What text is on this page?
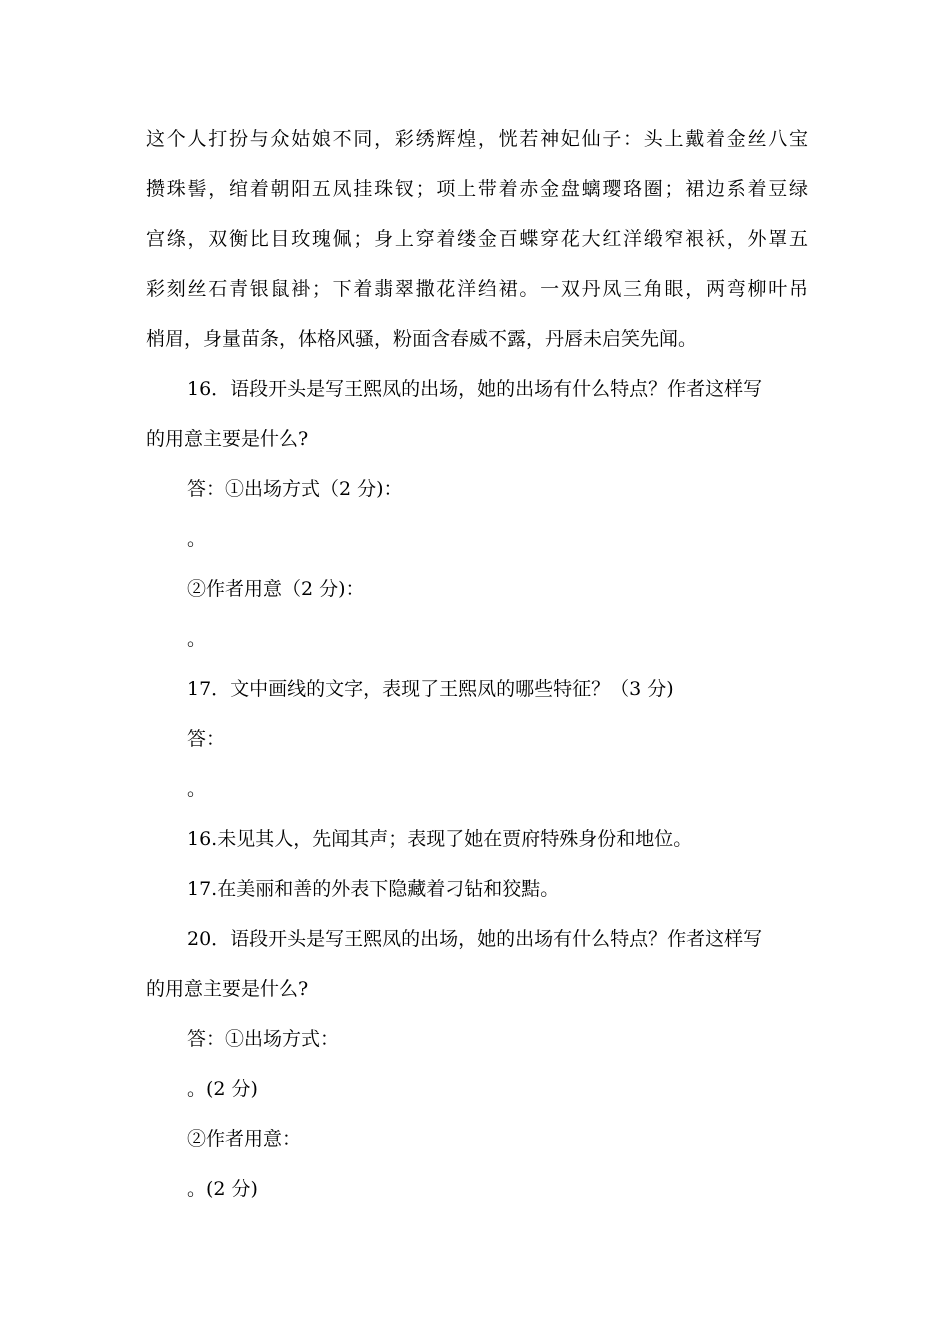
这个人打扮与众姑娘不同，彩绣辉煌，恍若神妃仙子：头上戴着金丝八宝
攒珠髻，绾着朝阳五凤挂珠钗；项上带着赤金盘螭璎珞圈；裙边系着豆绿
宫绦，双衡比目玫瑰佩；身上穿着缕金百蝶穿花大红洋缎窄裉袄，外罩五
彩刻丝石青银鼠褂；下着翡翠撒花洋绉裙。一双丹凤三角眼，两弯柳叶吊
梢眉，身量苗条，体格风骚，粉面含春威不露，丹唇未启笑先闻。
16．语段开头是写王熙凤的出场，她的出场有什么特点？作者这样写
的用意主要是什么?
答：①出场方式（2 分)：
。
②作者用意（2 分)：
。
17．文中画线的文字，表现了王熙凤的哪些特征？（3 分)
答：
。
16.未见其人，先闻其声；表现了她在贾府特殊身份和地位。
17.在美丽和善的外表下隐藏着刁钻和狡黠。
20．语段开头是写王熙凤的出场，她的出场有什么特点？作者这样写
的用意主要是什么?
答：①出场方式：
。(2 分)
②作者用意：
。(2 分)
